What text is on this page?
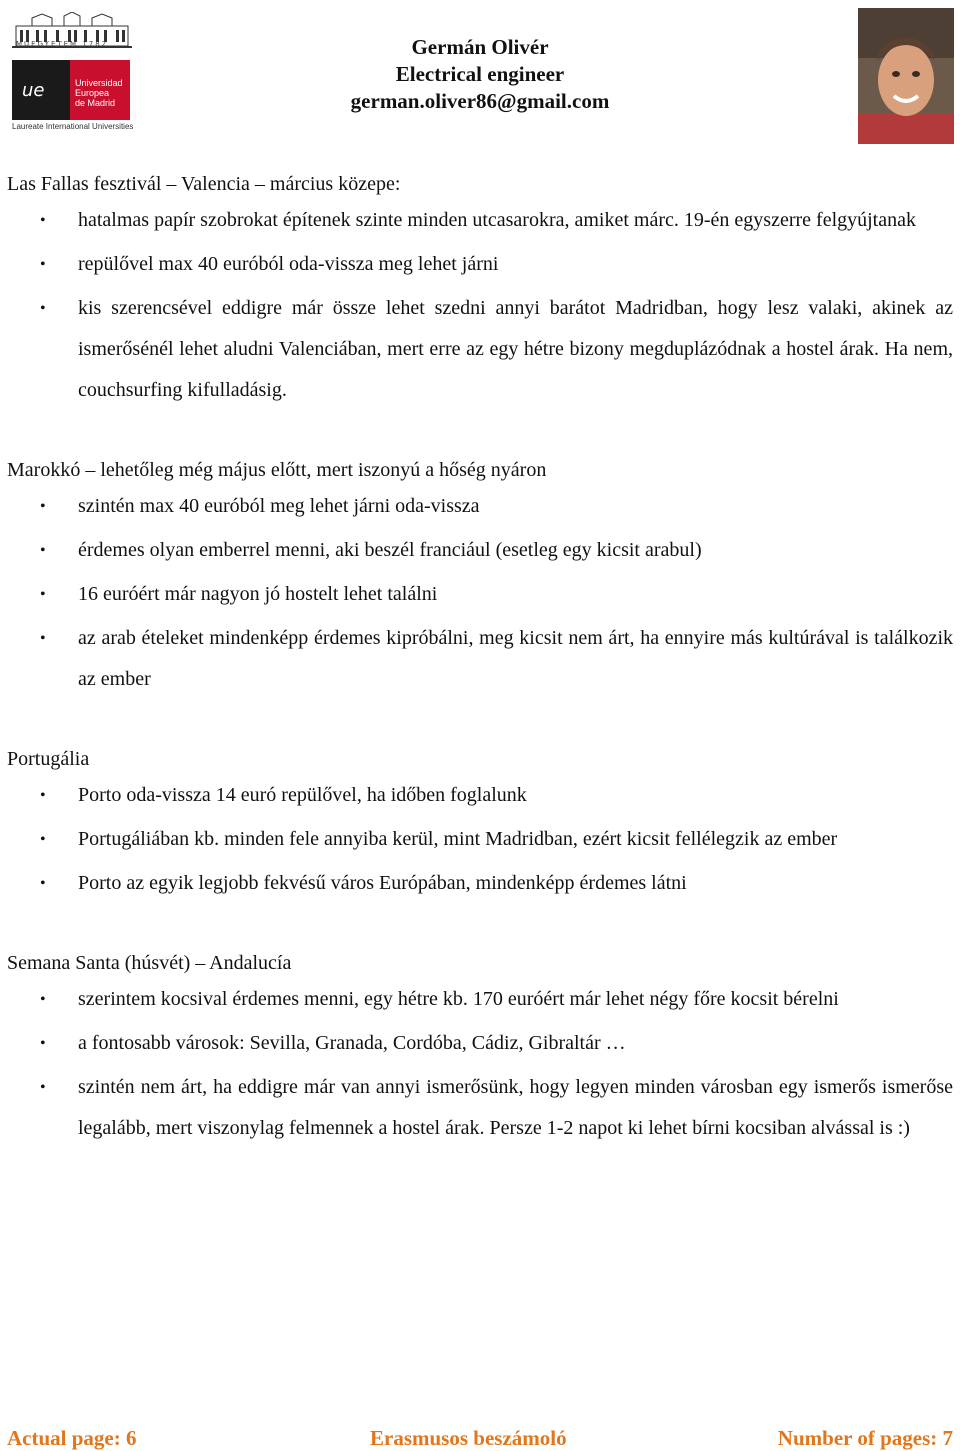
MŰEGYETEM 1782
ue	Universidad
Europea
de Madrid
Laureate International Universities
Germán Olivér
Electrical engineer
german.oliver86@gmail.com

Las Fallas fesztivál – Valencia – március közepe:

• hatalmas papír szobrokat építenek szinte minden utcasarokra, amiket márc. 19-én egyszerre felgyújtanak
• repülővel max 40 euróból oda-vissza meg lehet járni
• kis szerencsével eddigre már össze lehet szedni annyi barátot Madridban, hogy lesz valaki, akinek az ismerősénél lehet aludni Valenciában, mert erre az egy hétre bizony megduplázódnak a hostel árak. Ha nem, couchsurfing kifulladásig.

Marokkó – lehetőleg még május előtt, mert iszonyú a hőség nyáron

• szintén max 40 euróból meg lehet járni oda-vissza
• érdemes olyan emberrel menni, aki beszél franciául (esetleg egy kicsit arabul)
• 16 euróért már nagyon jó hostelt lehet találni
• az arab ételeket mindenképp érdemes kipróbálni, meg kicsit nem árt, ha ennyire más kultúrával is találkozik az ember

Portugália

• Porto oda-vissza 14 euró repülővel, ha időben foglalunk
• Portugáliában kb. minden fele annyiba kerül, mint Madridban, ezért kicsit fellélegzik az ember
• Porto az egyik legjobb fekvésű város Európában, mindenképp érdemes látni

Semana Santa (húsvét) – Andalucía

• szerintem kocsival érdemes menni, egy hétre kb. 170 euróért már lehet négy főre kocsit bérelni
• a fontosabb városok: Sevilla, Granada, Cordóba, Cádiz, Gibraltár …
• szintén nem árt, ha eddigre már van annyi ismerősünk, hogy legyen minden városban egy ismerős ismerőse legalább, mert viszonylag felmennek a hostel árak. Persze 1-2 napot ki lehet bírni kocsiban alvással is :)
Actual page: 6	Erasmusos beszámoló	Number of pages: 7
